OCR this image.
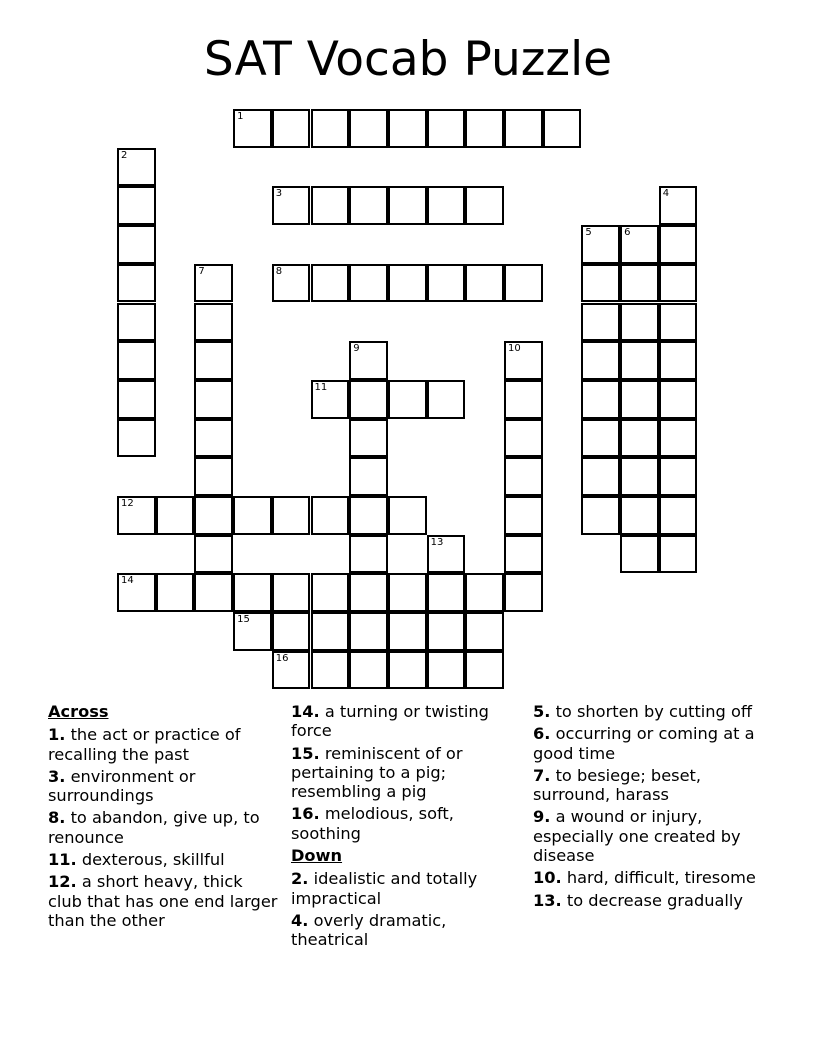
SAT Vocab Puzzle
1
2
3	4
5	6
7	8
9	10
11
12
13
14
15
16
Across
1. the act or practice of recalling the past
3. environment or surroundings
8. to abandon, give up, to renounce
11. dexterous, skillful
12. a short heavy, thick club that has one end larger than the other
14. a turning or twisting force
15. reminiscent of or pertaining to a pig; resembling a pig
16. melodious, soft, soothing
Down
2. idealistic and totally impractical
4. overly dramatic, theatrical
5. to shorten by cutting off
6. occurring or coming at a good time
7. to besiege; beset, surround, harass
9. a wound or injury, especially one created by disease
10. hard, difficult, tiresome
13. to decrease gradually
